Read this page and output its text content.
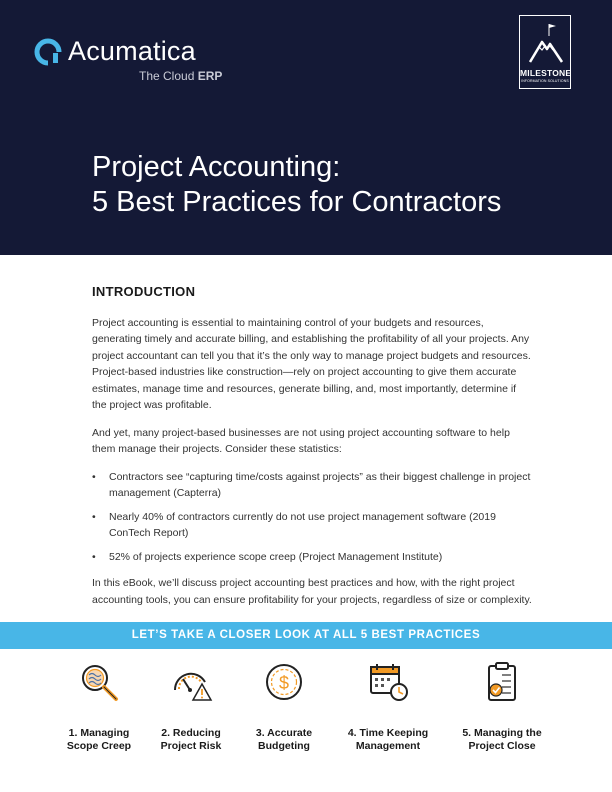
Acumatica
The Cloud ERP	MILESTONE
INFORMATION SOLUTIONS
Project Accounting:
5 Best Practices for Contractors
INTRODUCTION

Project accounting is essential to maintaining control of your budgets and resources, generating timely and accurate billing, and establishing the profitability of all your projects. Any project accountant can tell you that it’s the only way to manage project budgets and resources. Project-based industries like construction—rely on project accounting to give them accurate estimates, manage time and resources, generate billing, and, most importantly, determine if the project was profitable.

And yet, many project-based businesses are not using project accounting software to help them manage their projects. Consider these statistics:

• Contractors see “capturing time/costs against projects” as their biggest challenge in project management (Capterra)
• Nearly 40% of contractors currently do not use project management software (2019 ConTech Report)
• 52% of projects experience scope creep (Project Management Institute)

In this eBook, we’ll discuss project accounting best practices and how, with the right project accounting tools, you can ensure profitability for your projects, regardless of size or complexity.

LET’S TAKE A CLOSER LOOK AT ALL 5 BEST PRACTICES
1. Managing
Scope Creep
2. Reducing
Project Risk
$
3. Accurate
Budgeting
4. Time Keeping
Management
5. Managing the
Project Close
